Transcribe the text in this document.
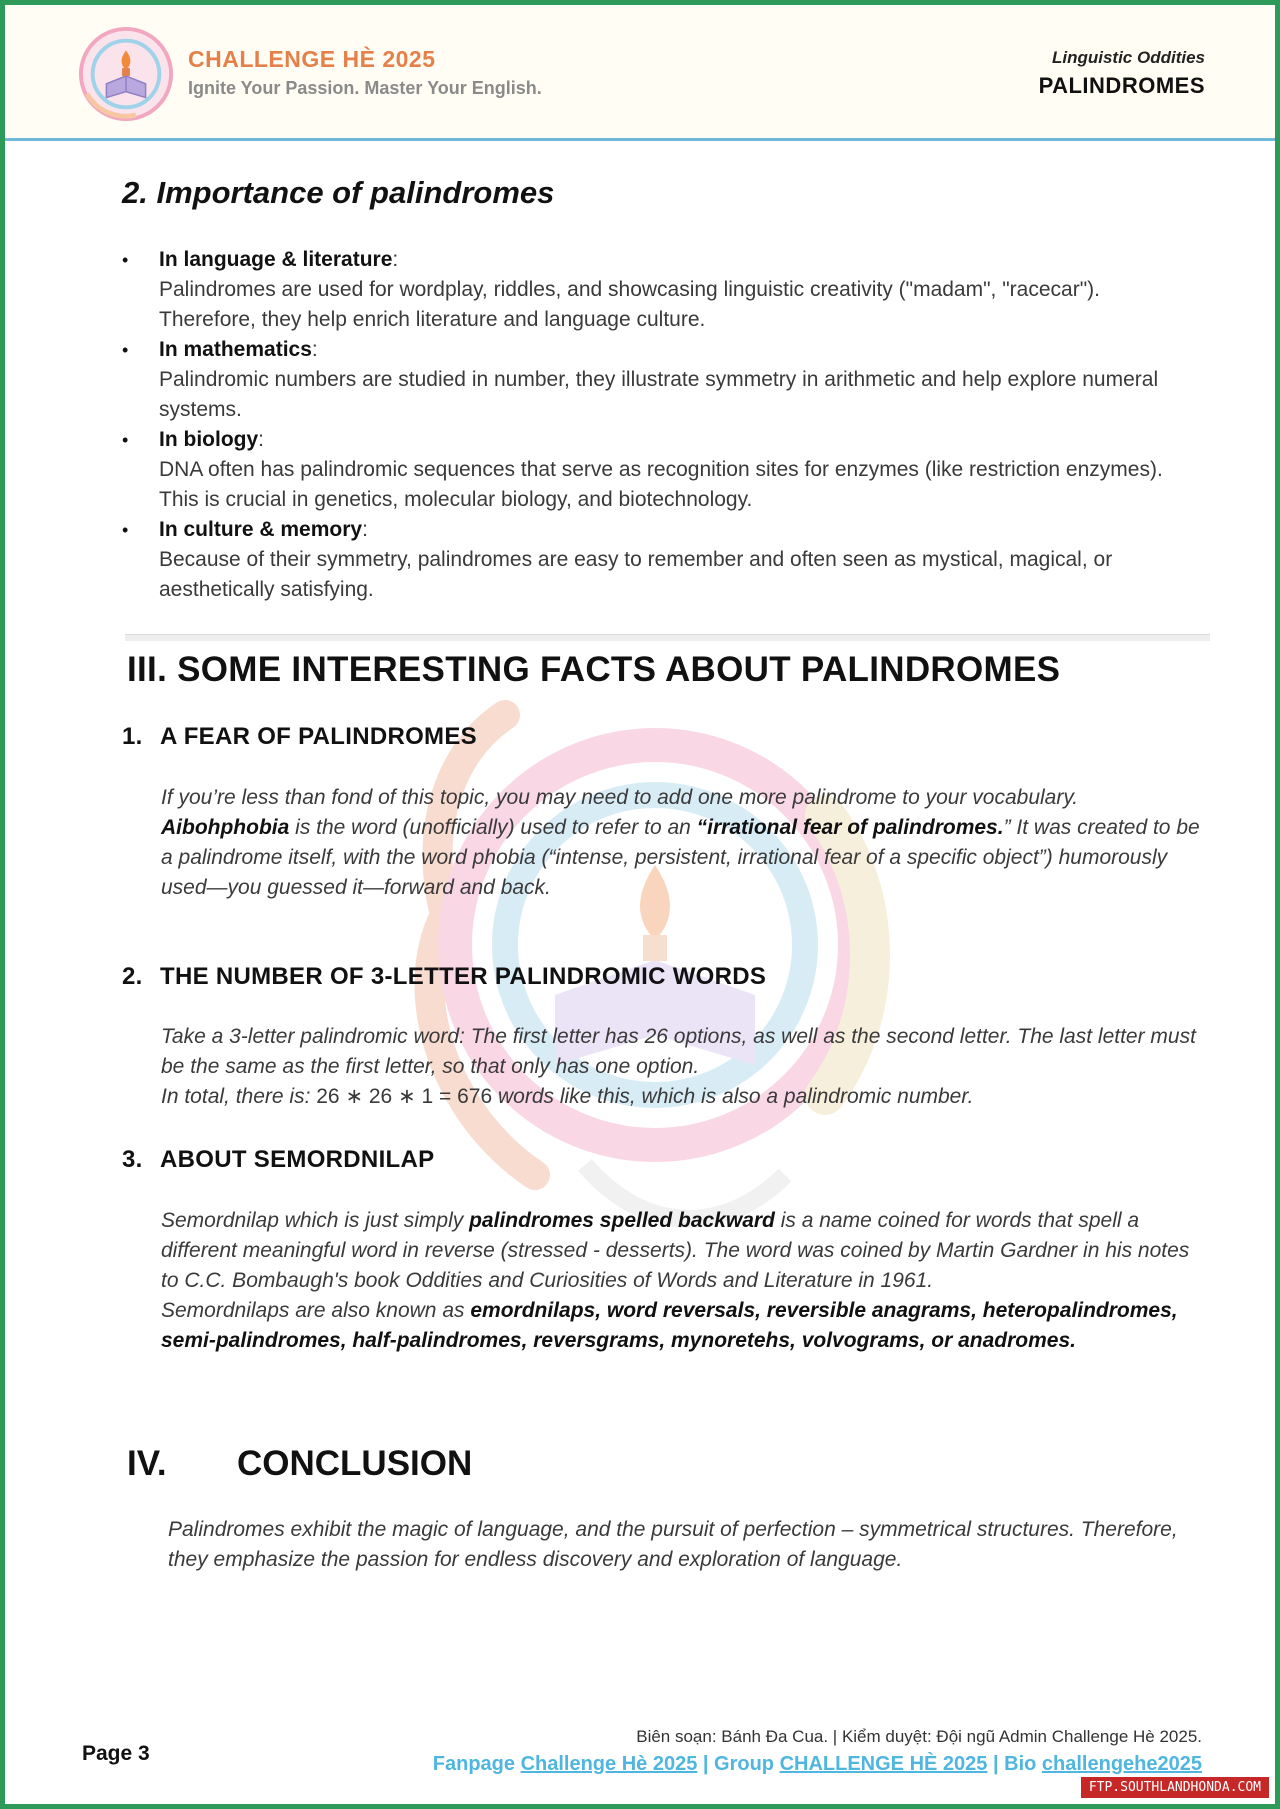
CHALLENGE HÈ 2025
Ignite Your Passion. Master Your English.
Linguistic Oddities
PALINDROMES
2. Importance of palindromes
• In language & literature:
Palindromes are used for wordplay, riddles, and showcasing linguistic creativity ("madam", "racecar"). Therefore, they help enrich literature and language culture.
• In mathematics:
Palindromic numbers are studied in number, they illustrate symmetry in arithmetic and help explore numeral systems.
• In biology:
DNA often has palindromic sequences that serve as recognition sites for enzymes (like restriction enzymes). This is crucial in genetics, molecular biology, and biotechnology.
• In culture & memory:
Because of their symmetry, palindromes are easy to remember and often seen as mystical, magical, or aesthetically satisfying.
III. SOME INTERESTING FACTS ABOUT PALINDROMES
1. A FEAR OF PALINDROMES

If you’re less than fond of this topic, you may need to add one more palindrome to your vocabulary. Aibohphobia is the word (unofficially) used to refer to an “irrational fear of palindromes.” It was created to be a palindrome itself, with the word phobia (“intense, persistent, irrational fear of a specific object”) humorously used—you guessed it—forward and back.

2. THE NUMBER OF 3-LETTER PALINDROMIC WORDS

Take a 3-letter palindromic word: The first letter has 26 options, as well as the second letter. The last letter must be the same as the first letter, so that only has one option.
In total, there is: 26 ∗ 26 ∗ 1 = 676 words like this, which is also a palindromic number.

3. ABOUT SEMORDNILAP

Semordnilap which is just simply palindromes spelled backward is a name coined for words that spell a different meaningful word in reverse (stressed - desserts). The word was coined by Martin Gardner in his notes to C.C. Bombaugh's book Oddities and Curiosities of Words and Literature in 1961.
Semordnilaps are also known as emordnilaps, word reversals, reversible anagrams, heteropalindromes, semi-palindromes, half-palindromes, reversgrams, mynoretehs, volvograms, or anadromes.

IV. CONCLUSION

Palindromes exhibit the magic of language, and the pursuit of perfection – symmetrical structures. Therefore, they emphasize the passion for endless discovery and exploration of language.

Page 3
Biên soạn: Bánh Đa Cua. | Kiểm duyệt: Đội ngũ Admin Challenge Hè 2025.
Fanpage Challenge Hè 2025 | Group CHALLENGE HÈ 2025 | Bio challengehe2025
FTP.SOUTHLANDHONDA.COM
